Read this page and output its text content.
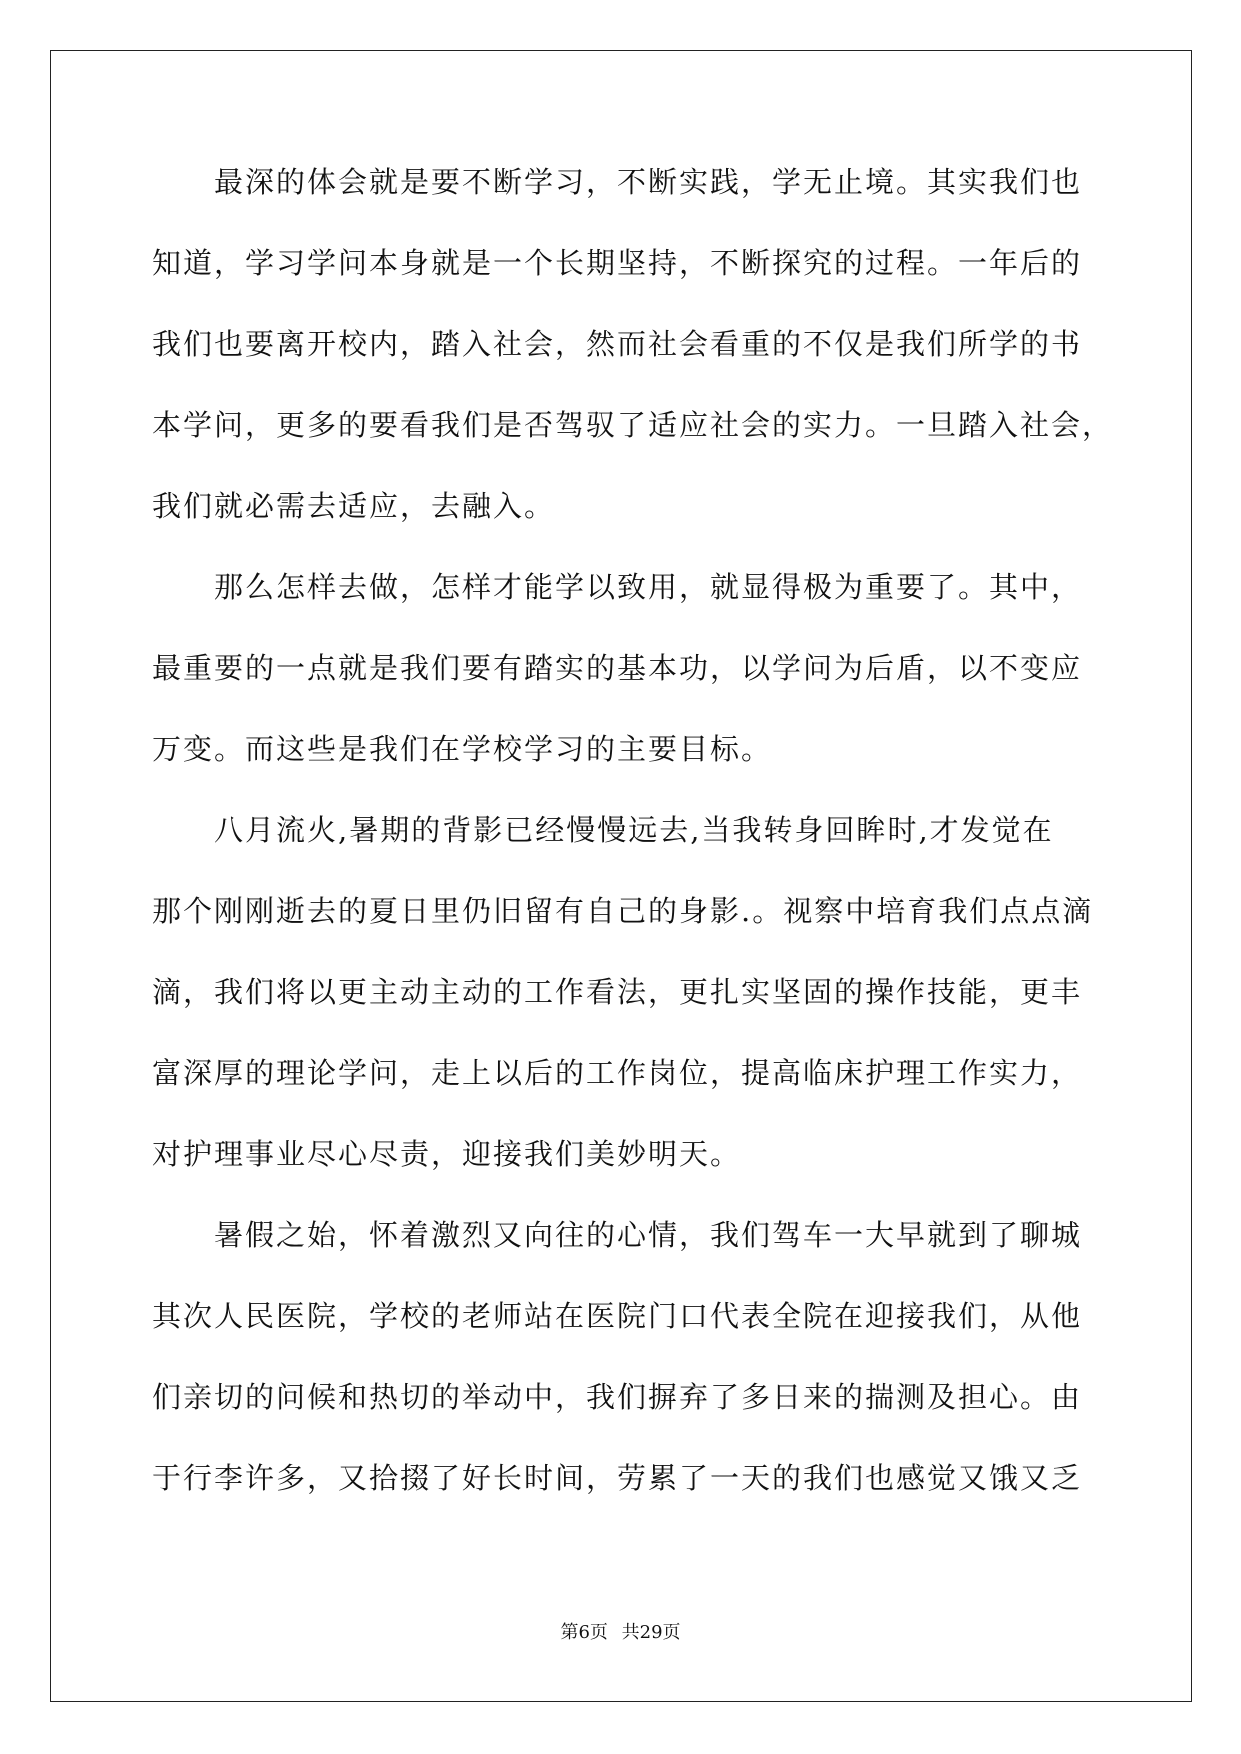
最深的体会就是要不断学习，不断实践，学无止境。其实我们也
知道，学习学问本身就是一个长期坚持，不断探究的过程。一年后的
我们也要离开校内，踏入社会，然而社会看重的不仅是我们所学的书
本学问，更多的要看我们是否驾驭了适应社会的实力。一旦踏入社会，
我们就必需去适应，去融入。
那么怎样去做，怎样才能学以致用，就显得极为重要了。其中，
最重要的一点就是我们要有踏实的基本功，以学问为后盾，以不变应
万变。而这些是我们在学校学习的主要目标。
八月流火,暑期的背影已经慢慢远去,当我转身回眸时,才发觉在
那个刚刚逝去的夏日里仍旧留有自己的身影.。视察中培育我们点点滴
滴，我们将以更主动主动的工作看法，更扎实坚固的操作技能，更丰
富深厚的理论学问，走上以后的工作岗位，提高临床护理工作实力，
对护理事业尽心尽责，迎接我们美妙明天。
暑假之始，怀着激烈又向往的心情，我们驾车一大早就到了聊城
其次人民医院，学校的老师站在医院门口代表全院在迎接我们，从他
们亲切的问候和热切的举动中，我们摒弃了多日来的揣测及担心。由
于行李许多，又拾掇了好长时间，劳累了一天的我们也感觉又饿又乏
第6页 共29页
